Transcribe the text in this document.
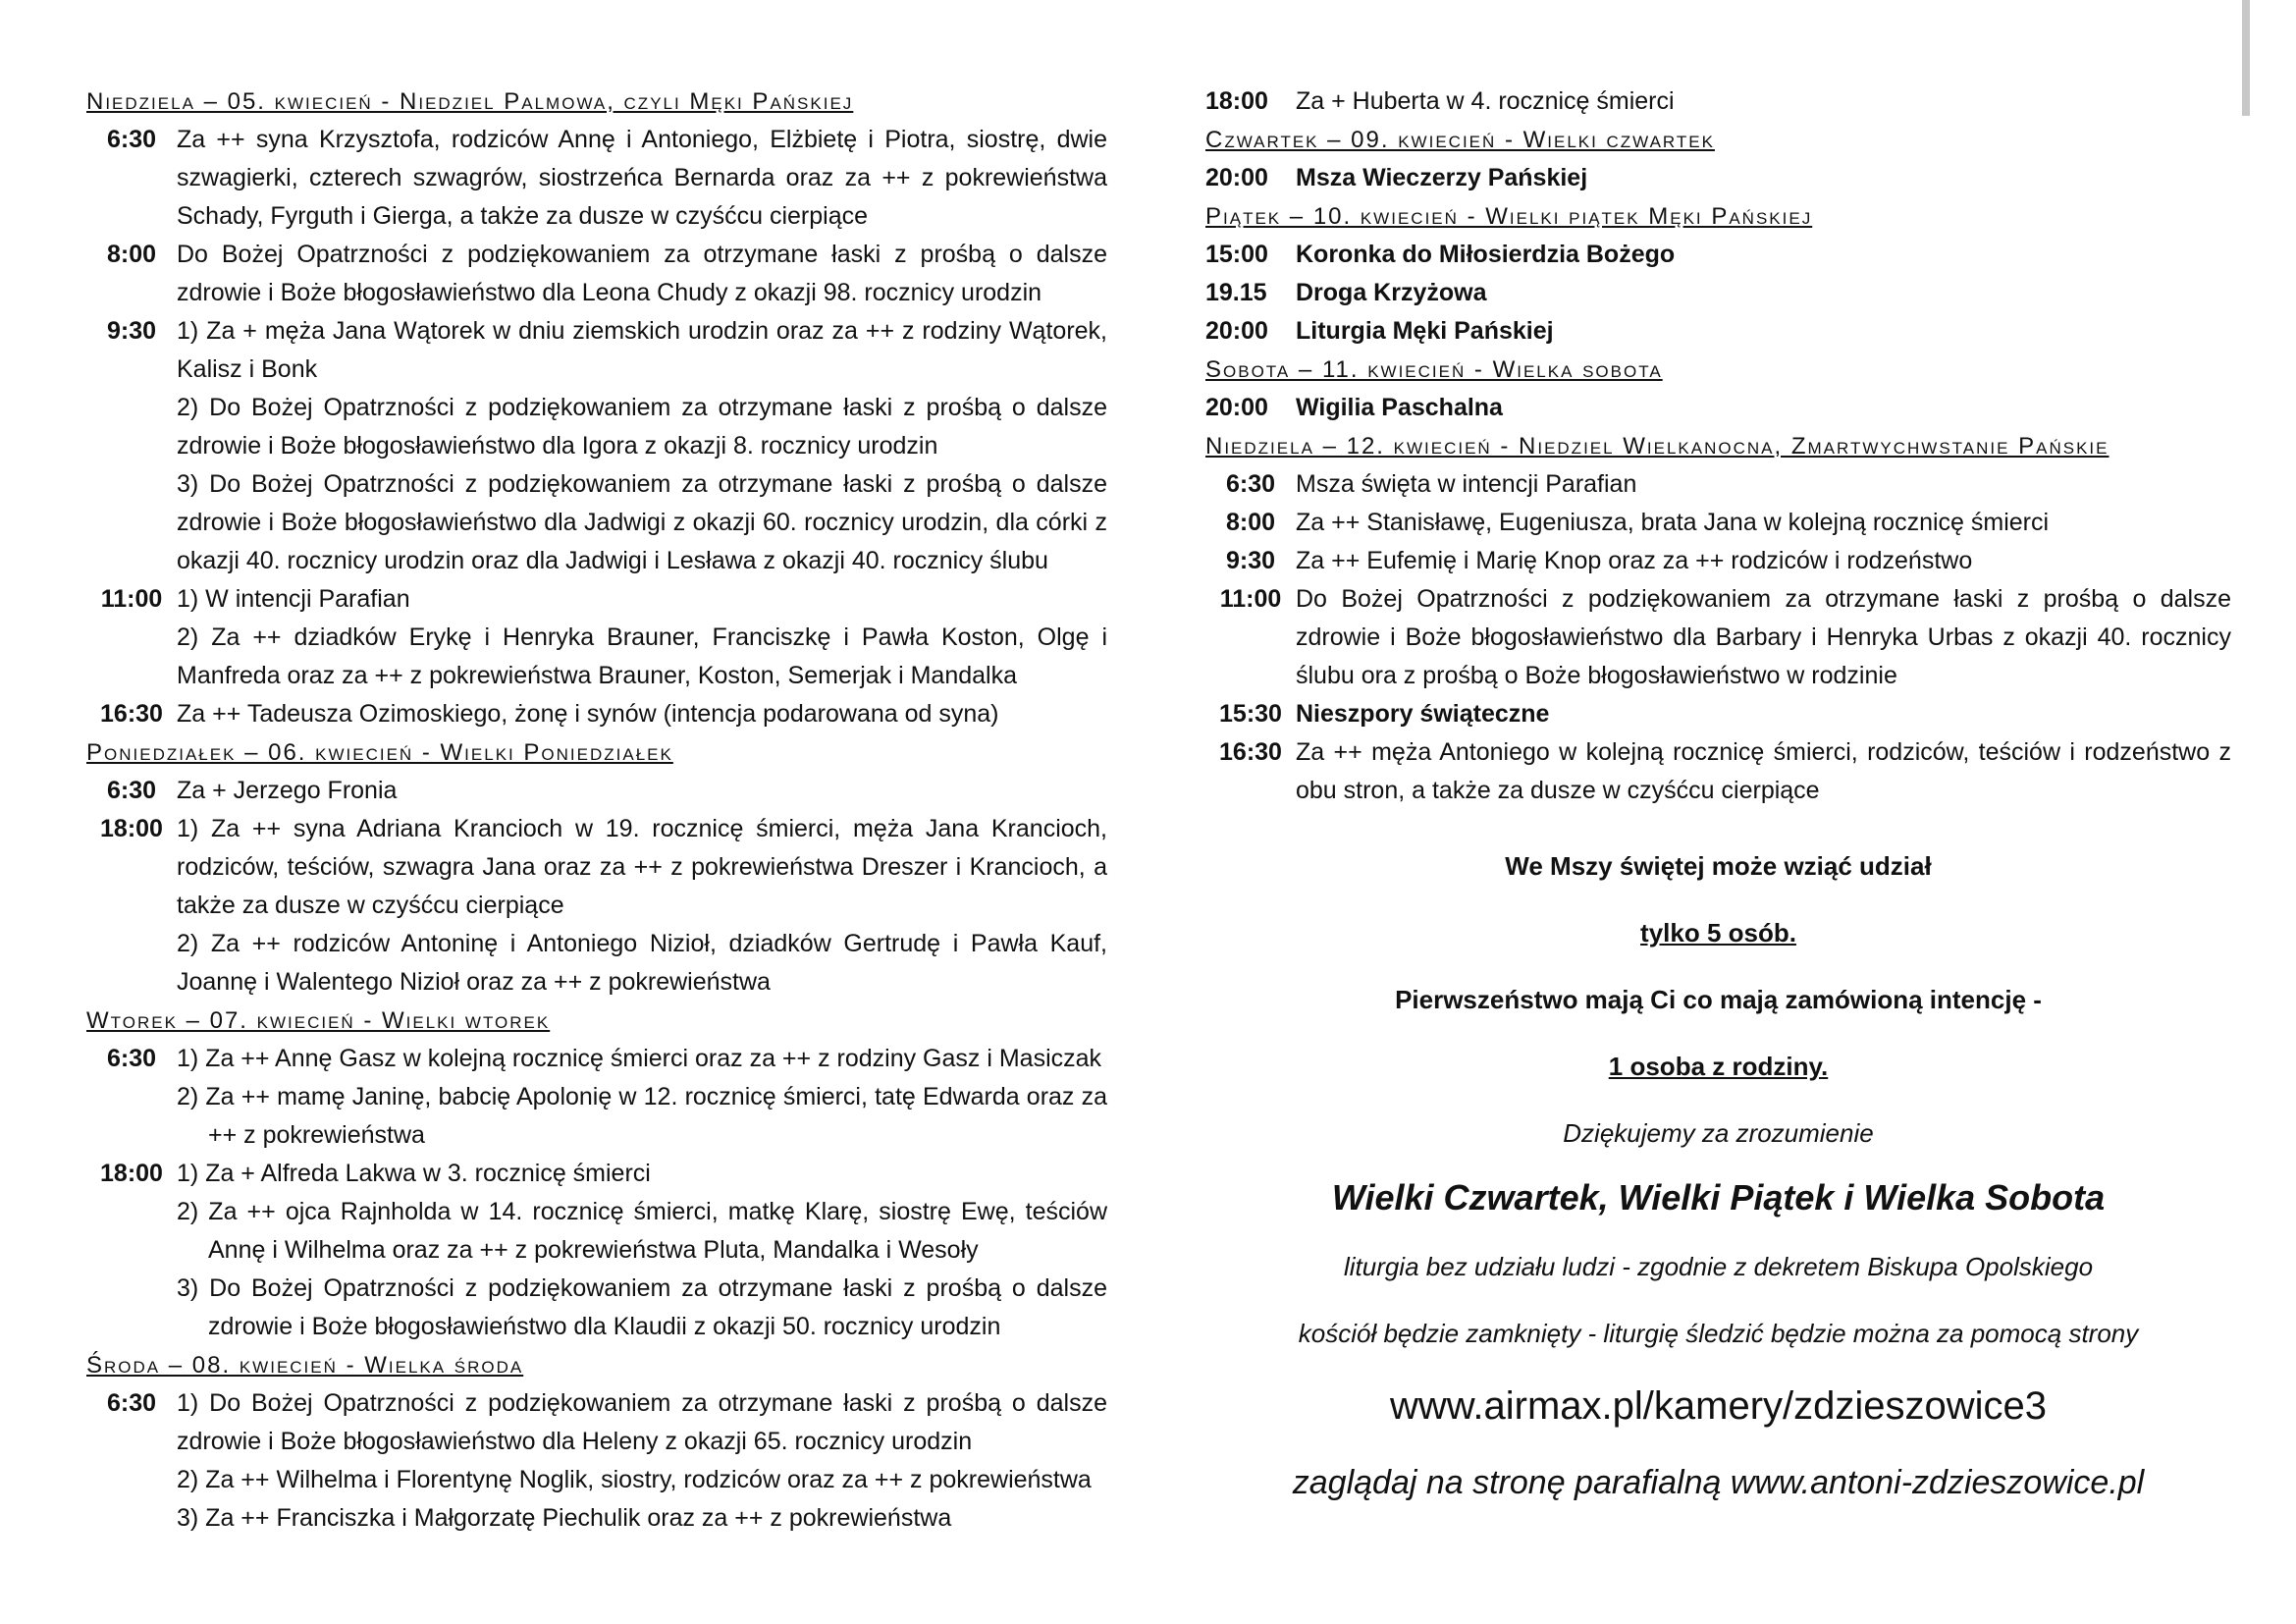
Niedziela – 05. kwiecień - Niedziel Palmowa, czyli Męki Pańskiej
6:30 Za ++ syna Krzysztofa, rodziców Annę i Antoniego, Elżbietę i Piotra, siostrę, dwie szwagierki, czterech szwagrów, siostrzeńca Bernarda oraz za ++ z pokrewieństwa Schady, Fyrguth i Gierga, a także za dusze w czyśćcu cierpiące

8:00 Do Bożej Opatrzności z podziękowaniem za otrzymane łaski z prośbą o dalsze zdrowie i Boże błogosławieństwo dla Leona Chudy z okazji 98. rocznicy urodzin

9:30 1) Za + męża Jana Wątorek w dniu ziemskich urodzin oraz za ++ z rodziny Wątorek, Kalisz i Bonk

2) Do Bożej Opatrzności z podziękowaniem za otrzymane łaski z prośbą o dalsze zdrowie i Boże błogosławieństwo dla Igora z okazji 8. rocznicy urodzin

3) Do Bożej Opatrzności z podziękowaniem za otrzymane łaski z prośbą o dalsze zdrowie i Boże błogosławieństwo dla Jadwigi z okazji 60. rocznicy urodzin, dla córki z okazji 40. rocznicy urodzin oraz dla Jadwigi i Lesława z okazji 40. rocznicy ślubu

11:00 1) W intencji Parafian

2) Za ++ dziadków Erykę i Henryka Brauner, Franciszkę i Pawła Koston, Olgę i Manfreda oraz za ++ z pokrewieństwa Brauner, Koston, Semerjak i Mandalka

16:30 Za ++ Tadeusza Ozimoskiego, żonę i synów (intencja podarowana od syna)

Poniedziałek – 06. kwiecień - Wielki Poniedziałek
6:30 Za + Jerzego Fronia

18:00 1) Za ++ syna Adriana Krancioch w 19. rocznicę śmierci, męża Jana Krancioch, rodziców, teściów, szwagra Jana oraz za ++ z pokrewieństwa Dreszer i Krancioch, a także za dusze w czyśćcu cierpiące

2) Za ++ rodziców Antoninę i Antoniego Nizioł, dziadków Gertrudę i Pawła Kauf, Joannę i Walentego Nizioł oraz za ++ z pokrewieństwa

Wtorek – 07. kwiecień - Wielki wtorek
6:30 1) Za ++ Annę Gasz w kolejną rocznicę śmierci oraz za ++ z rodziny Gasz i Masiczak

2) Za ++ mamę Janinę, babcię Apolonię w 12. rocznicę śmierci, tatę Edwarda oraz za ++ z pokrewieństwa

18:00 1) Za + Alfreda Lakwa w 3. rocznicę śmierci

2) Za ++ ojca Rajnholda w 14. rocznicę śmierci, matkę Klarę, siostrę Ewę, teściów Annę i Wilhelma oraz za ++ z pokrewieństwa Pluta, Mandalka i Wesoły

3) Do Bożej Opatrzności z podziękowaniem za otrzymane łaski z prośbą o dalsze zdrowie i Boże błogosławieństwo dla Klaudii z okazji 50. rocznicy urodzin

Środa – 08. kwiecień - Wielka środa
6:30 1) Do Bożej Opatrzności z podziękowaniem za otrzymane łaski z prośbą o dalsze zdrowie i Boże błogosławieństwo dla Heleny z okazji 65. rocznicy urodzin

2) Za ++ Wilhelma i Florentynę Noglik, siostry, rodziców oraz za ++ z pokrewieństwa

3) Za ++ Franciszka i Małgorzatę Piechulik oraz za ++ z pokrewieństwa

18:00 Za + Huberta w 4. rocznicę śmierci
Czwartek – 09. kwiecień - Wielki czwartek
20:00 Msza Wieczerzy Pańskiej
Piątek – 10. kwiecień - Wielki piątek Męki Pańskiej
15:00 Koronka do Miłosierdzia Bożego
19.15 Droga Krzyżowa
20:00 Liturgia Męki Pańskiej
Sobota – 11. kwiecień - Wielka sobota
20:00 Wigilia Paschalna
Niedziela – 12. kwiecień - Niedziel Wielkanocna, Zmartwychwstanie Pańskie
6:30 Msza święta w intencji Parafian

8:00 Za ++ Stanisławę, Eugeniusza, brata Jana w kolejną rocznicę śmierci

9:30 Za ++ Eufemię i Marię Knop oraz za ++ rodziców i rodzeństwo

11:00 Do Bożej Opatrzności z podziękowaniem za otrzymane łaski z prośbą o dalsze zdrowie i Boże błogosławieństwo dla Barbary i Henryka Urbas z okazji 40. rocznicy ślubu ora z prośbą o Boże błogosławieństwo w rodzinie

15:30 Nieszpory świąteczne

16:30 Za ++ męża Antoniego w kolejną rocznicę śmierci, rodziców, teściów i rodzeństwo z obu stron, a także za dusze w czyśćcu cierpiące

We Mszy świętej może wziąć udział
tylko 5 osób.
Pierwszeństwo mają Ci co mają zamówioną intencję -
1 osoba z rodziny.
Dziękujemy za zrozumienie
Wielki Czwartek, Wielki Piątek i Wielka Sobota
liturgia bez udziału ludzi - zgodnie z dekretem Biskupa Opolskiego
kościół będzie zamknięty - liturgię śledzić będzie można za pomocą strony
www.airmax.pl/kamery/zdzieszowice3
zaglądaj na stronę parafialną www.antoni-zdzieszowice.pl
